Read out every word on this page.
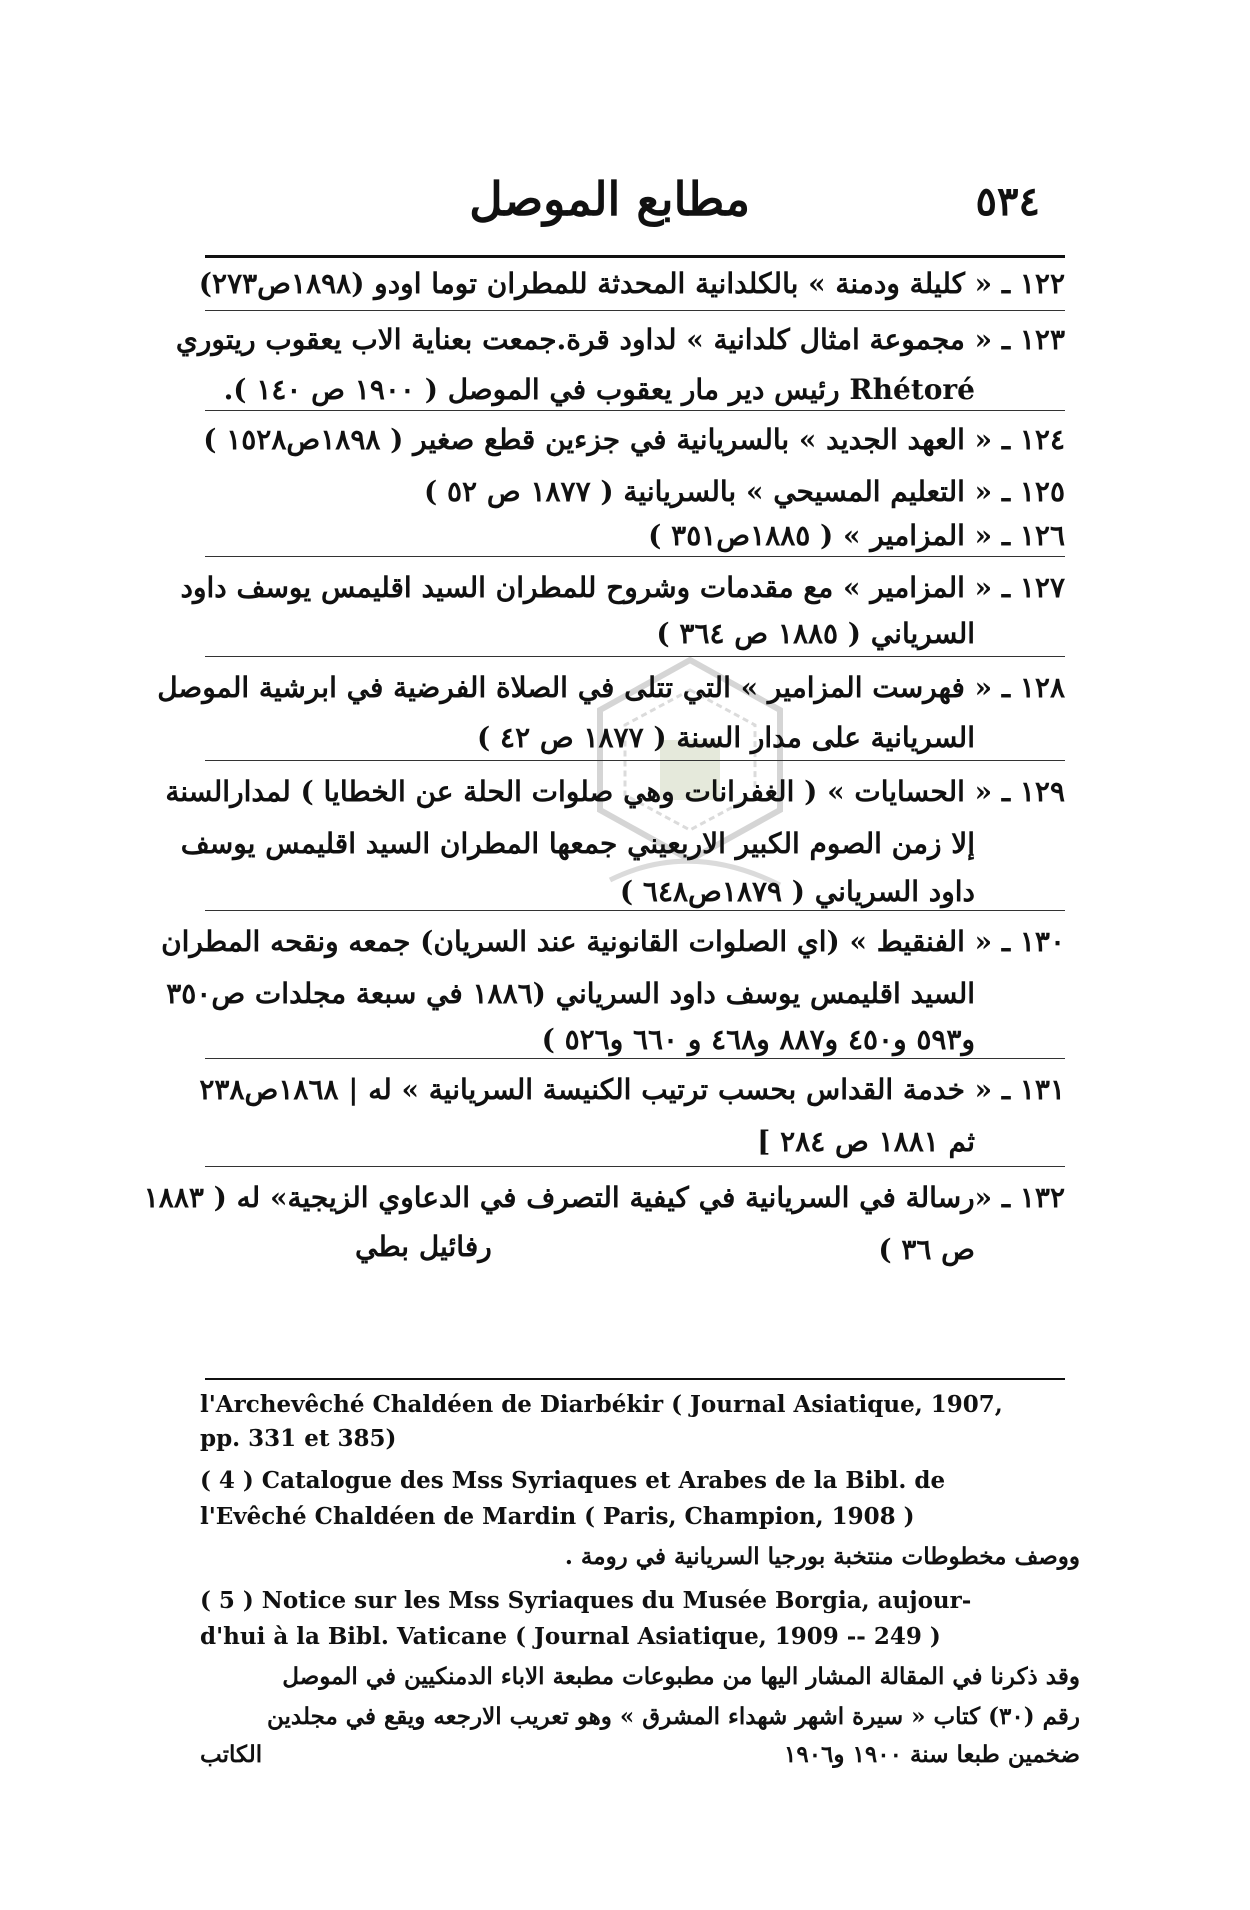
٥٣٤
مطابع الموصل
١٢٢ ـ « كليلة ودمنة » بالكلدانية المحدثة للمطران توما اودو (١٨٩٨ص٢٧٣)
١٢٣ ـ « مجموعة امثال كلدانية » لداود قرة.جمعت بعناية الاب يعقوب ريتوري
Rhétoré رئيس دير مار يعقوب في الموصل ( ١٩٠٠ ص ١٤٠ ).
١٢٤ ـ « العهد الجديد » بالسريانية في جزءين قطع صغير ( ١٨٩٨ص١٥٢٨ )
١٢٥ ـ « التعليم المسيحي » بالسريانية ( ١٨٧٧ ص ٥٢ )
١٢٦ ـ « المزامير » ( ١٨٨٥ص٣٥١ )
١٢٧ ـ « المزامير » مع مقدمات وشروح للمطران السيد اقليمس يوسف داود
السرياني ( ١٨٨٥ ص ٣٦٤ )
١٢٨ ـ « فهرست المزامير » التي تتلى في الصلاة الفرضية في ابرشية الموصل
السريانية على مدار السنة ( ١٨٧٧ ص ٤٢ )
١٢٩ ـ « الحسايات » ( الغفرانات وهي صلوات الحلة عن الخطايا ) لمدارالسنة
إلا زمن الصوم الكبير الاربعيني جمعها المطران السيد اقليمس يوسف
داود السرياني ( ١٨٧٩ص٦٤٨ )
١٣٠ ـ « الفنقيط » (اي الصلوات القانونية عند السريان) جمعه ونقحه المطران
السيد اقليمس يوسف داود السرياني (١٨٨٦ في سبعة مجلدات ص٣٥٠
و٥٩٣ و٤٥٠ و٨٨٧ و٤٦٨ و ٦٦٠ و٥٢٦ )
١٣١ ـ « خدمة القداس بحسب ترتيب الكنيسة السريانية » له | ١٨٦٨ص٢٣٨
ثم ١٨٨١ ص ٢٨٤ ]
١٣٢ ـ «رسالة في السريانية في كيفية التصرف في الدعاوي الزيجية» له ( ١٨٨٣
ص ٣٦ )
رفائيل بطي
l'Archevêché Chaldéen de Diarbékir ( Journal Asiatique, 1907,
pp. 331 et 385)
( 4 ) Catalogue des Mss Syriaques et Arabes de la Bibl. de
l'Evêché Chaldéen de Mardin ( Paris, Champion, 1908 )
ووصف مخطوطات منتخبة بورجيا السريانية في رومة .
( 5 ) Notice sur les Mss Syriaques du Musée Borgia, aujour-
d'hui à la Bibl. Vaticane ( Journal Asiatique, 1909 -- 249 )
وقد ذكرنا في المقالة المشار اليها من مطبوعات مطبعة الاباء الدمنكيين في الموصل
رقم (٣٠) كتاب « سيرة اشهر شهداء المشرق » وهو تعريب الارجعه ويقع في مجلدين
ضخمين طبعا سنة ١٩٠٠ و١٩٠٦
الكاتب
